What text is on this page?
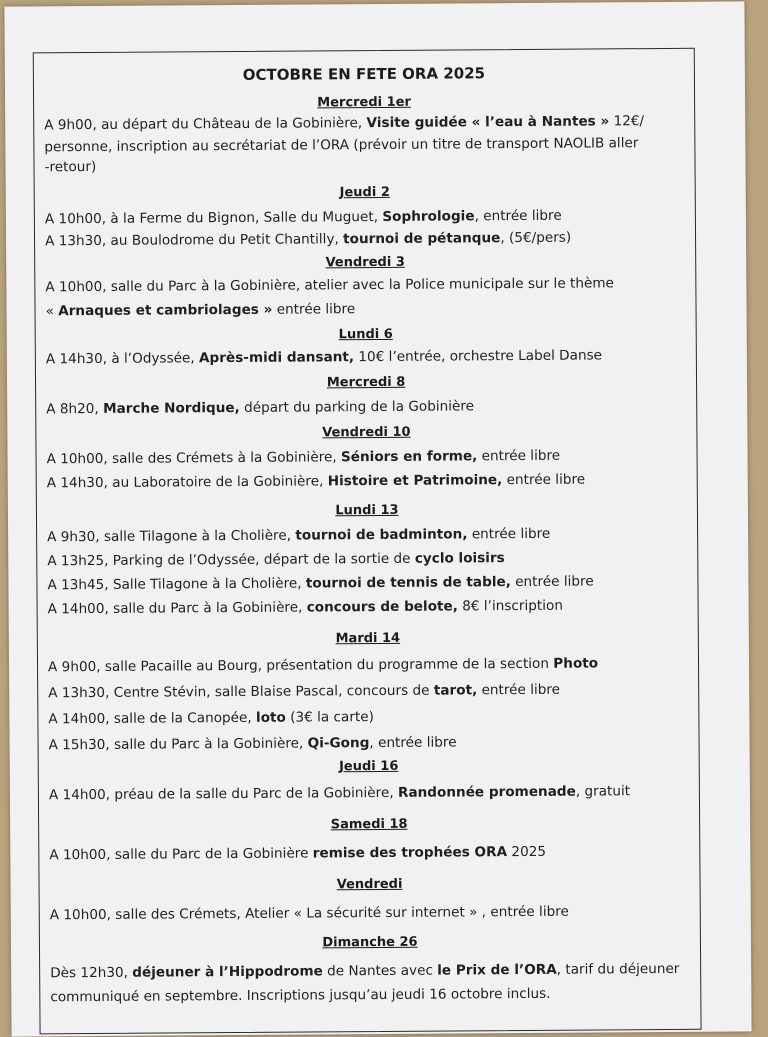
OCTOBRE EN FETE ORA 2025
Mercredi 1er
A 9h00, au départ du Château de la Gobinière, Visite guidée « l’eau à Nantes » 12€/
personne, inscription au secrétariat de l’ORA (prévoir un titre de transport NAOLIB aller
-retour)
Jeudi 2
A 10h00, à la Ferme du Bignon, Salle du Muguet, Sophrologie, entrée libre
A 13h30, au Boulodrome du Petit Chantilly, tournoi de pétanque, (5€/pers)
Vendredi 3
A 10h00, salle du Parc à la Gobinière, atelier avec la Police municipale sur le thème
« Arnaques et cambriolages » entrée libre
Lundi 6
A 14h30, à l’Odyssée, Après-midi dansant, 10€ l’entrée, orchestre Label Danse
Mercredi 8
A 8h20, Marche Nordique, départ du parking de la Gobinière
Vendredi 10
A 10h00, salle des Crémets à la Gobinière, Séniors en forme, entrée libre
A 14h30, au Laboratoire de la Gobinière, Histoire et Patrimoine, entrée libre
Lundi 13
A 9h30, salle Tilagone à la Cholière, tournoi de badminton, entrée libre
A 13h25, Parking de l’Odyssée, départ de la sortie de cyclo loisirs
A 13h45, Salle Tilagone à la Cholière, tournoi de tennis de table, entrée libre
A 14h00, salle du Parc à la Gobinière, concours de belote, 8€ l’inscription
Mardi 14
A 9h00, salle Pacaille au Bourg, présentation du programme de la section Photo
A 13h30, Centre Stévin, salle Blaise Pascal, concours de tarot, entrée libre
A 14h00, salle de la Canopée, loto (3€ la carte)
A 15h30, salle du Parc à la Gobinière, Qi-Gong, entrée libre
Jeudi 16
A 14h00, préau de la salle du Parc de la Gobinière, Randonnée promenade, gratuit
Samedi 18
A 10h00, salle du Parc de la Gobinière remise des trophées ORA 2025
Vendredi
A 10h00, salle des Crémets, Atelier « La sécurité sur internet » , entrée libre
Dimanche 26
Dès 12h30, déjeuner à l’Hippodrome de Nantes avec le Prix de l’ORA, tarif du déjeuner
communiqué en septembre. Inscriptions jusqu’au jeudi 16 octobre inclus.
